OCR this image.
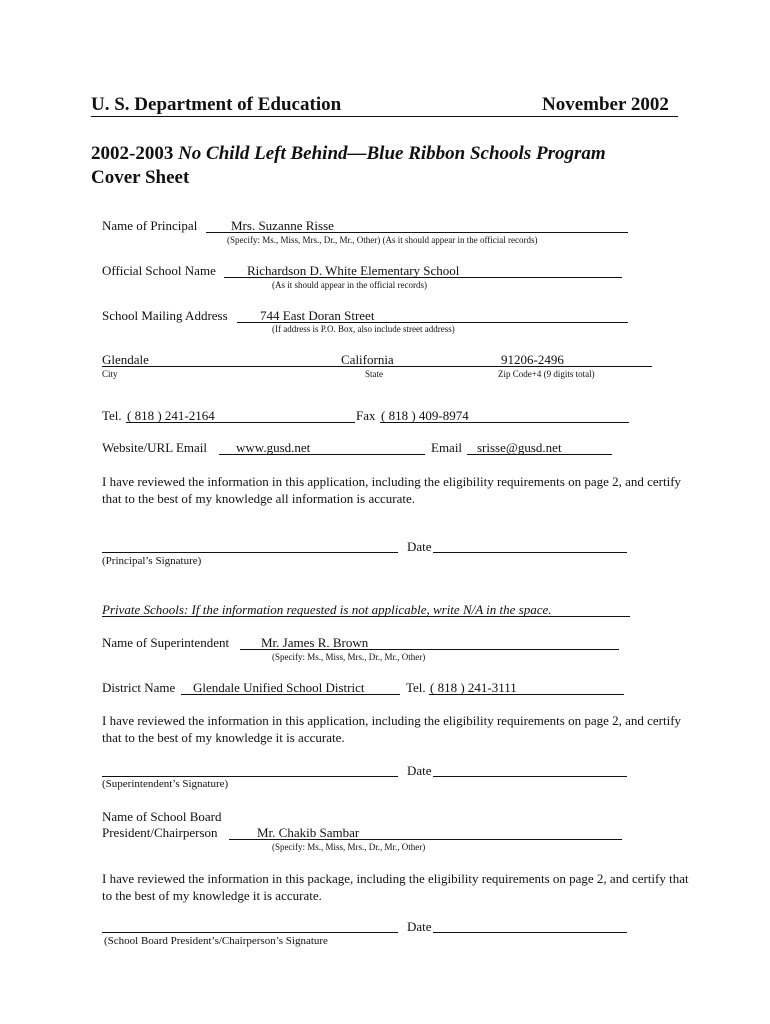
U. S. Department of Education	November 2002
2002-2003 No Child Left Behind—Blue Ribbon Schools Program
Cover Sheet
Name of Principal	Mrs. Suzanne Risse
(Specify: Ms., Miss, Mrs., Dr., Mr., Other) (As it should appear in the official records)
Official School Name Richardson D. White Elementary School
(As it should appear in the official records)
School Mailing Address 744 East Doran Street
(If address is P.O. Box, also include street address)
Glendale	California	91206-2496
City	State	Zip Code+4 (9 digits total)
Tel. ( 818 ) 241-2164	Fax ( 818 ) 409-8974
Website/URL Email www.gusd.net	Email srisse@gusd.net
I have reviewed the information in this application, including the eligibility requirements on page 2, and certify that to the best of my knowledge all information is accurate.
Date
(Principal’s Signature)
Private Schools: If the information requested is not applicable, write N/A in the space.
Name of Superintendent Mr. James R. Brown
(Specify: Ms., Miss, Mrs., Dr., Mr., Other)
District Name Glendale Unified School District	Tel. ( 818 ) 241-3111
I have reviewed the information in this application, including the eligibility requirements on page 2, and certify that to the best of my knowledge it is accurate.
Date
(Superintendent’s Signature)
Name of School Board
President/Chairperson	Mr. Chakib Sambar
(Specify: Ms., Miss, Mrs., Dr., Mr., Other)
I have reviewed the information in this package, including the eligibility requirements on page 2, and certify that to the best of my knowledge it is accurate.
Date
(School Board President’s/Chairperson’s Signature
